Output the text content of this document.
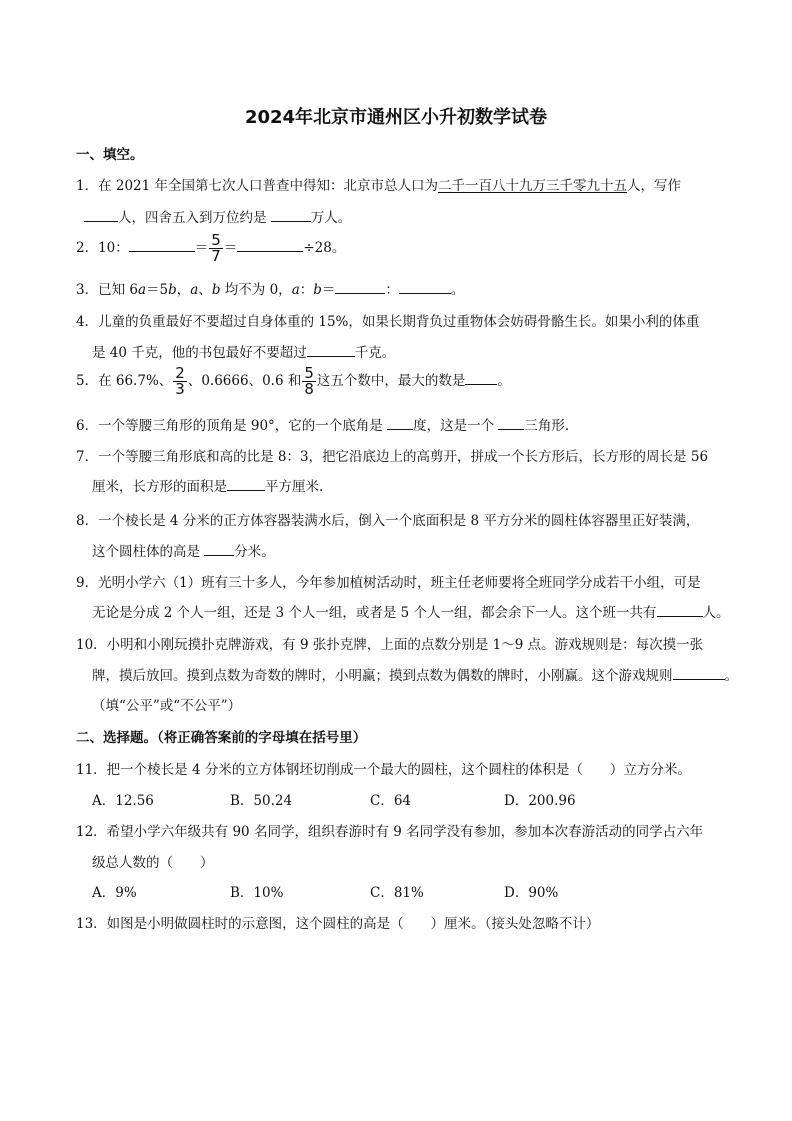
2024年北京市通州区小升初数学试卷
一、填空。
1．在 2021 年全国第七次人口普查中得知：北京市总人口为二千一百八十九万三千零九十五人，写作
人，四舍五入到万位约是	万人。
2．10：	＝ $\frac{5}{7}$ ＝	÷28。
3．已知 6a＝5b，a、b 均不为 0，a：b＝	：	。
4．儿童的负重最好不要超过自身体重的 15%，如果长期背负过重物体会妨碍骨骼生长。如果小利的体重
是 40 千克，他的书包最好不要超过	千克。
5．在 66.7%、 $\frac{2}{3}$ 、0.6666、0.6 和 $\frac{5}{8}$ 这五个数中，最大的数是 。
6．一个等腰三角形的顶角是 90°，它的一个底角是 度，这是一个 三角形.
7．一个等腰三角形底和高的比是 8：3，把它沿底边上的高剪开，拼成一个长方形后，长方形的周长是 56
厘米，长方形的面积是	平方厘米.
8．一个棱长是 4 分米的正方体容器装满水后，倒入一个底面积是 8 平方分米的圆柱体容器里正好装满，
这个圆柱体的高是 分米。
9．光明小学六（1）班有三十多人，今年参加植树活动时，班主任老师要将全班同学分成若干小组，可是
无论是分成 2 个人一组，还是 3 个人一组，或者是 5 个人一组，都会余下一人。这个班一共有	人。
10．小明和小刚玩摸扑克牌游戏，有 9 张扑克牌，上面的点数分别是 1～9 点。游戏规则是：每次摸一张
牌，摸后放回。摸到点数为奇数的牌时，小明赢；摸到点数为偶数的牌时，小刚赢。这个游戏规则	。
（填“公平”或“不公平”）
二、选择题。（将正确答案前的字母填在括号里）
11．把一个棱长是 4 分米的立方体钢坯切削成一个最大的圆柱，这个圆柱的体积是（　　）立方分米。
A．12.56	B．50.24	C．64	D．200.96
12．希望小学六年级共有 90 名同学，组织春游时有 9 名同学没有参加，参加本次春游活动的同学占六年
级总人数的（　　）
A．9%	B．10%	C．81%	D．90%
13．如图是小明做圆柱时的示意图，这个圆柱的高是（　　）厘米。（接头处忽略不计）
